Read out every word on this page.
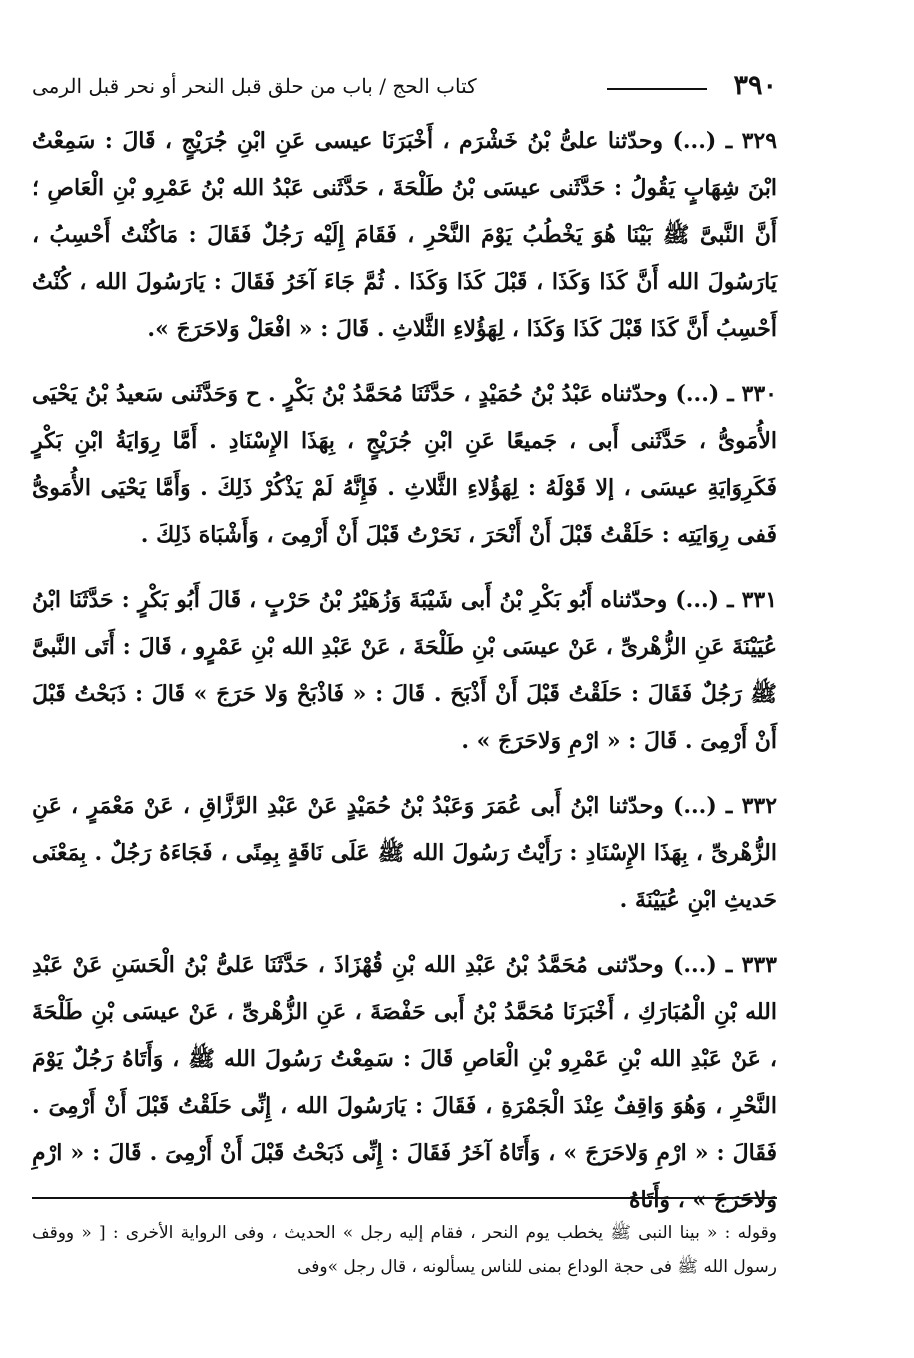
٣٩٠
كتاب الحج / باب من حلق قبل النحر أو نحر قبل الرمى

٣٢٩ ـ (...) وحدّثنا علىُّ بْنُ خَشْرَم ، أَخْبَرَنَا عيسى عَنِ ابْنِ جُرَيْجٍ ، قَالَ : سَمِعْتُ ابْنَ شِهَابٍ يَقُولُ : حَدَّثَنى عيسَى بْنُ طَلْحَةَ ، حَدَّثَنى عَبْدُ الله بْنُ عَمْرِو بْنِ الْعَاصِ ؛ أَنَّ النَّبىَّ ﷺ بَيْنَا هُوَ يَخْطُبُ يَوْمَ النَّحْرِ ، فَقَامَ إِلَيْه رَجُلٌ فَقَالَ : مَاكُنْتُ أَحْسِبُ ، يَارَسُولَ الله أَنَّ كَذَا وَكَذَا ، قَبْلَ كَذَا وَكَذَا . ثُمَّ جَاءَ آخَرُ فَقَالَ : يَارَسُولَ الله ، كُنْتُ أَحْسِبُ أَنَّ كَذَا قَبْلَ كَذَا وَكَذَا ، لِهَؤُلاءِ الثَّلاثِ . قَالَ : « افْعَلْ وَلاحَرَجَ ».

٣٣٠ ـ (...) وحدّثناه عَبْدُ بْنُ حُمَيْدٍ ، حَدَّثَنَا مُحَمَّدُ بْنُ بَكْرٍ . ح وَحَدَّثَنى سَعيدُ بْنُ يَحْيَى الأُمَوىُّ ، حَدَّثَنى أَبى ، جَميعًا عَنِ ابْنِ جُرَيْجٍ ، بِهَذَا الإِسْنَادِ . أَمَّا رِوَايَةُ ابْنِ بَكْرٍ فَكَرِوَايَةِ عيسَى ، إلا قَوْلَهُ : لِهَؤُلاءِ الثَّلاثِ . فَإِنَّهُ لَمْ يَذْكُرْ ذَلِكَ . وَأَمَّا يَحْيَى الأُمَوىُّ فَفى رِوَايَتِه : حَلَقْتُ قَبْلَ أَنْ أَنْحَرَ ، نَحَرْتُ قَبْلَ أَنْ أَرْمِىَ ، وَأَشْبَاهَ ذَلِكَ .

٣٣١ ـ (...) وحدّثناه أَبُو بَكْرِ بْنُ أَبى شَيْبَةَ وَزُهَيْرُ بْنُ حَرْبٍ ، قَالَ أَبُو بَكْرٍ : حَدَّثَنَا ابْنُ عُيَيْنَةَ عَنِ الزُّهْرىِّ ، عَنْ عيسَى بْنِ طَلْحَةَ ، عَنْ عَبْدِ الله بْنِ عَمْرٍو ، قَالَ : أَتَى النَّبىَّ ﷺ رَجُلٌ فَقَالَ : حَلَقْتُ قَبْلَ أَنْ أَذْبَحَ . قَالَ : « فَاذْبَحْ وَلا حَرَجَ » قَالَ : ذَبَحْتُ قَبْلَ أَنْ أَرْمِىَ . قَالَ : « ارْمِ وَلاحَرَجَ » .

٣٣٢ ـ (...) وحدّثنا ابْنُ أَبى عُمَرَ وَعَبْدُ بْنُ حُمَيْدٍ عَنْ عَبْدِ الرَّزَّاقِ ، عَنْ مَعْمَرٍ ، عَنِ الزُّهْرىِّ ، بِهَذَا الإِسْنَادِ : رَأَيْتُ رَسُولَ الله ﷺ عَلَى نَاقَةٍ بِمِنًى ، فَجَاءَهُ رَجُلٌ . بِمَعْنَى حَديثِ ابْنِ عُيَيْنَةَ .

٣٣٣ ـ (...) وحدّثنى مُحَمَّدُ بْنُ عَبْدِ الله بْنِ قُهْزَاذَ ، حَدَّثَنَا عَلىُّ بْنُ الْحَسَنِ عَنْ عَبْدِ الله بْنِ الْمُبَارَكِ ، أَخْبَرَنَا مُحَمَّدُ بْنُ أَبى حَفْصَةَ ، عَنِ الزُّهْرىِّ ، عَنْ عيسَى بْنِ طَلْحَةَ ، عَنْ عَبْدِ الله بْنِ عَمْرِو بْنِ الْعَاصِ قَالَ : سَمِعْتُ رَسُولَ الله ﷺ ، وَأَتَاهُ رَجُلٌ يَوْمَ النَّحْرِ ، وَهُوَ وَاقِفٌ عِنْدَ الْجَمْرَةِ ، فَقَالَ : يَارَسُولَ الله ، إِنِّى حَلَقْتُ قَبْلَ أَنْ أَرْمِىَ . فَقَالَ : « ارْمِ وَلاحَرَجَ » ، وَأَتَاهُ آخَرُ فَقَالَ : إِنِّى ذَبَحْتُ قَبْلَ أَنْ أَرْمِىَ . قَالَ : « ارْمِ وَلاحَرَجَ » ، وَأَتَاهُ

وقوله : « بينا النبى ﷺ يخطب يوم النحر ، فقام إليه رجل » الحديث ، وفى الرواية الأخرى : [ « ووقف رسول الله ﷺ فى حجة الوداع بمنى للناس يسألونه ، قال رجل »وفى
